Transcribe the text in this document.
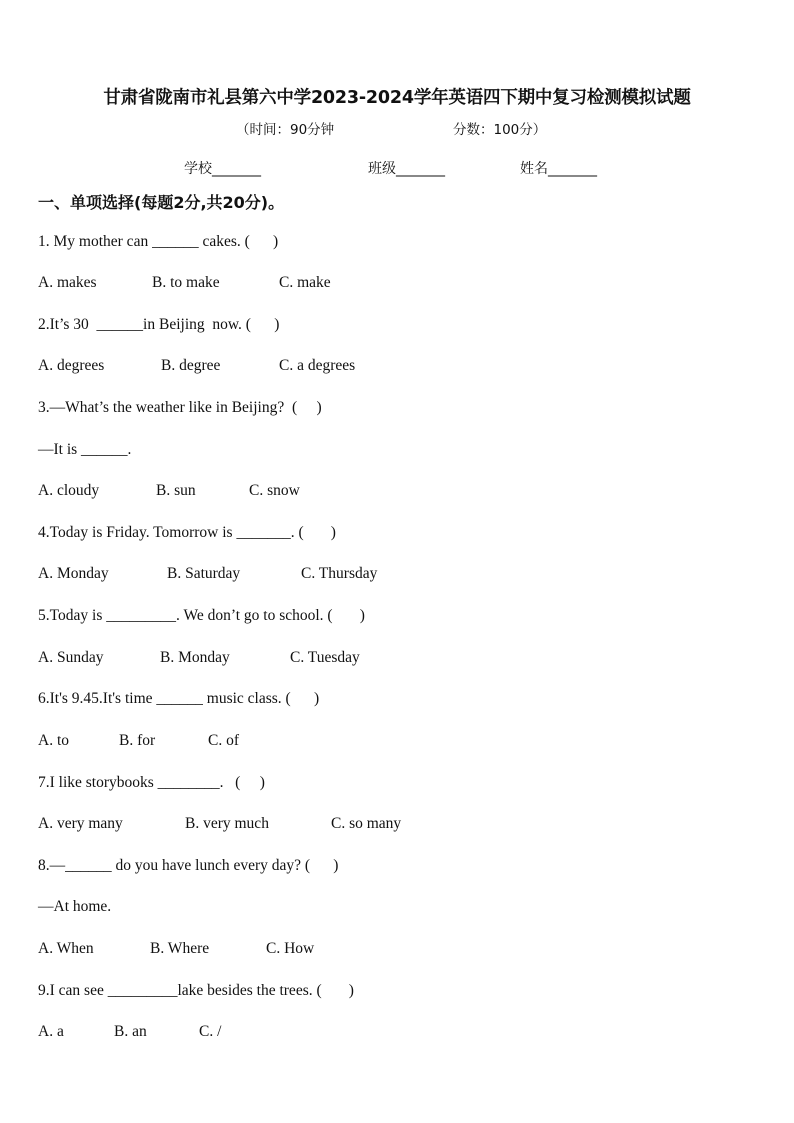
甘肃省陇南市礼县第六中学2023-2024学年英语四下期中复习检测模拟试题
（时间：90分钟	分数：100分）
学校_______	班级_______	姓名_______
一、单项选择(每题2分,共20分)。
1. My mother can ______ cakes. (      )
A. makes	B. to make	C. make
2.It’s 30  ______in Beijing  now. (      )
A. degrees	B. degree	C. a degrees
3.—What’s the weather like in Beijing?  (     )
—It is ______.
A. cloudy	B. sun	C. snow
4.Today is Friday. Tomorrow is _______. (       )
A. Monday	B. Saturday	C. Thursday
5.Today is _________. We don’t go to school. (       )
A. Sunday	B. Monday	C. Tuesday
6.It's 9.45.It's time ______ music class. (      )
A. to	B. for	C. of
7.I like storybooks ________.   (     )
A. very many	B. very much	C. so many
8.—______ do you have lunch every day? (      )
—At home.
A. When	B. Where	C. How
9.I can see _________lake besides the trees. (       )
A. a	B. an	C. /
